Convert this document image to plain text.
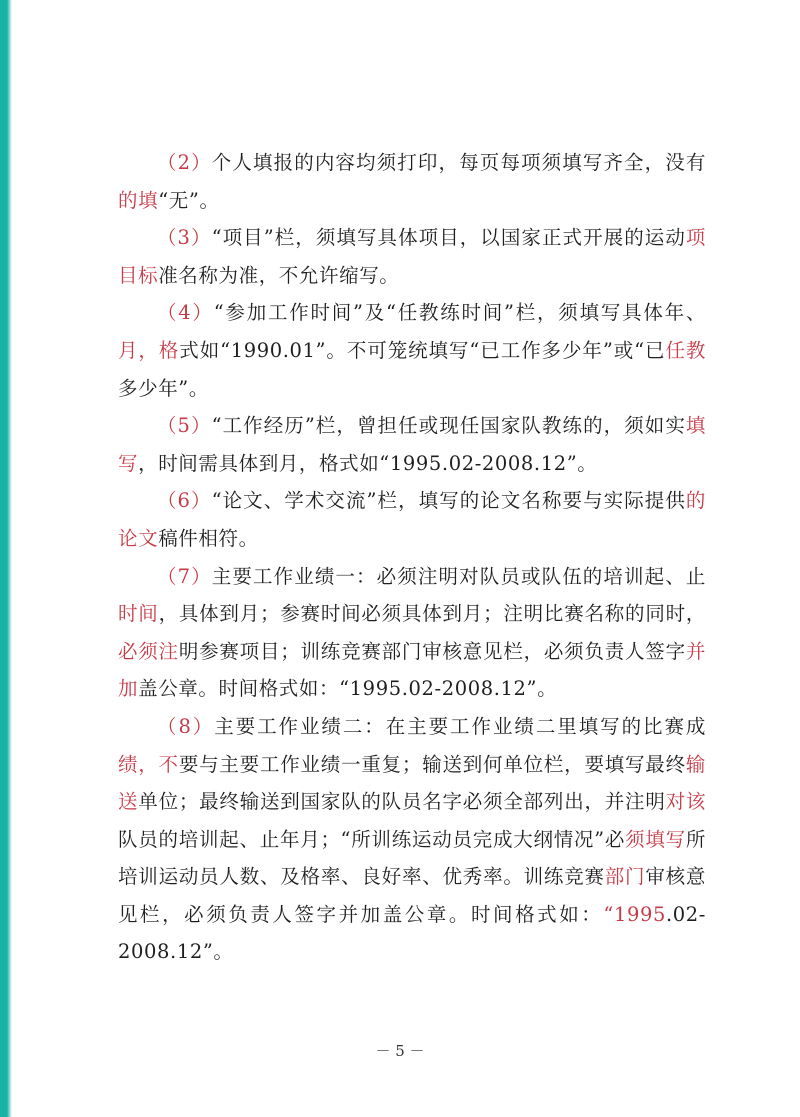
（2）个人填报的内容均须打印，每页每项须填写齐全，没有的填“无”。

（3）“项目”栏，须填写具体项目，以国家正式开展的运动项目标准名称为准，不允许缩写。

（4）“参加工作时间”及“任教练时间”栏，须填写具体年、月，格式如“1990.01”。不可笼统填写“已工作多少年”或“已任教多少年”。

（5）“工作经历”栏，曾担任或现任国家队教练的，须如实填写，时间需具体到月，格式如“1995.02-2008.12”。

（6）“论文、学术交流”栏，填写的论文名称要与实际提供的论文稿件相符。

（7）主要工作业绩一：必须注明对队员或队伍的培训起、止时间，具体到月；参赛时间必须具体到月；注明比赛名称的同时，必须注明参赛项目；训练竞赛部门审核意见栏，必须负责人签字并加盖公章。时间格式如：“1995.02-2008.12”。

（8）主要工作业绩二：在主要工作业绩二里填写的比赛成绩，不要与主要工作业绩一重复；输送到何单位栏，要填写最终输送单位；最终输送到国家队的队员名字必须全部列出，并注明对该队员的培训起、止年月；“所训练运动员完成大纲情况”必须填写所培训运动员人数、及格率、良好率、优秀率。训练竞赛部门审核意见栏，必须负责人签字并加盖公章。时间格式如：“1995.02-2008.12”。

－ 5 －
